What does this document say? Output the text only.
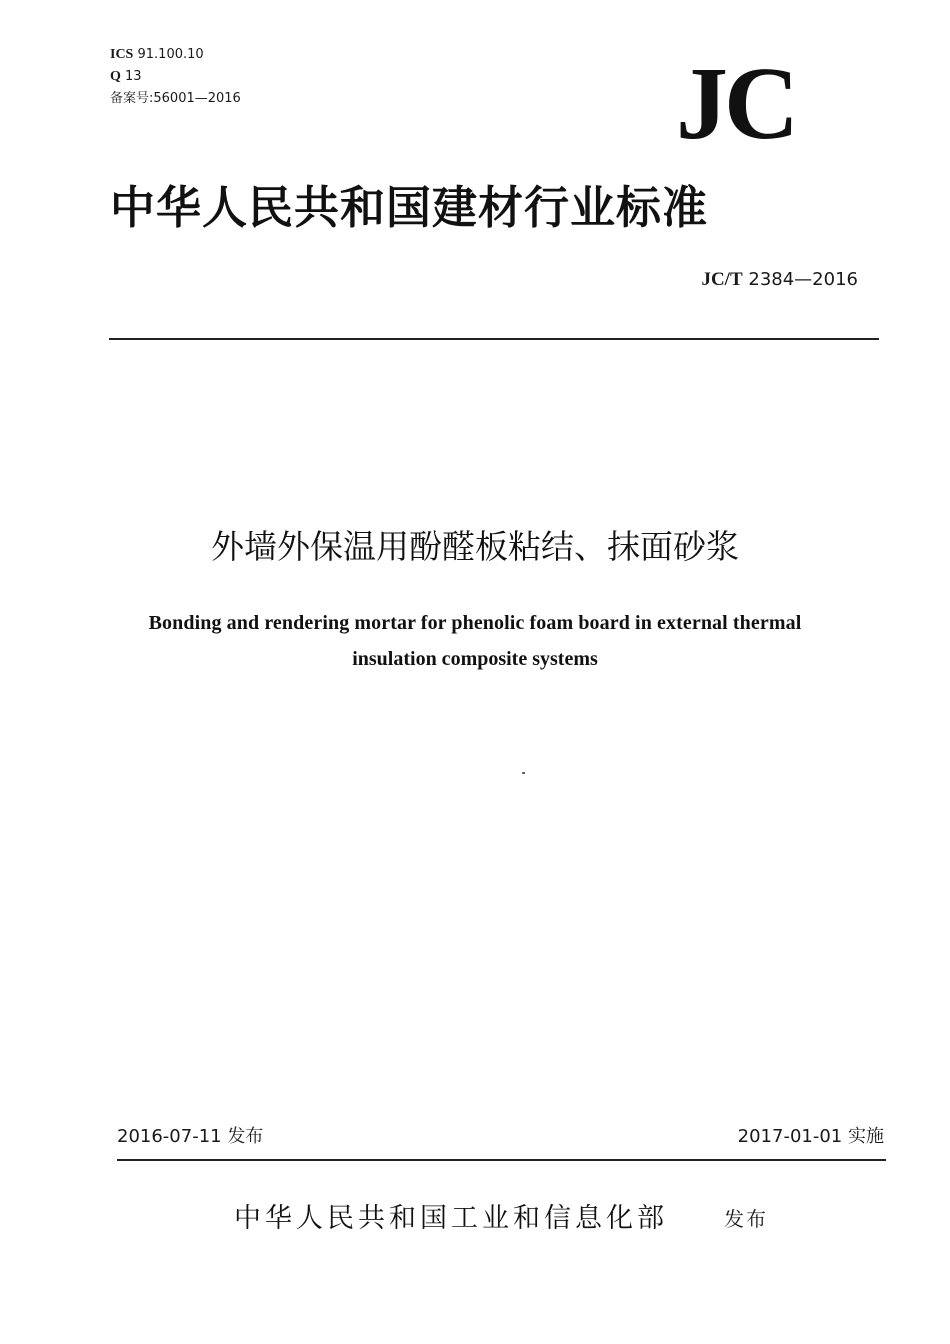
ICS 91.100.10
Q 13
备案号:56001—2016	JC
中华人民共和国建材行业标准
JC/T 2384—2016
外墙外保温用酚醛板粘结、抹面砂浆
Bonding and rendering mortar for phenolic foam board in external thermal
insulation composite systems
2016-07-11 发布	2017-01-01 实施
中华人民共和国工业和信息化部	发布
